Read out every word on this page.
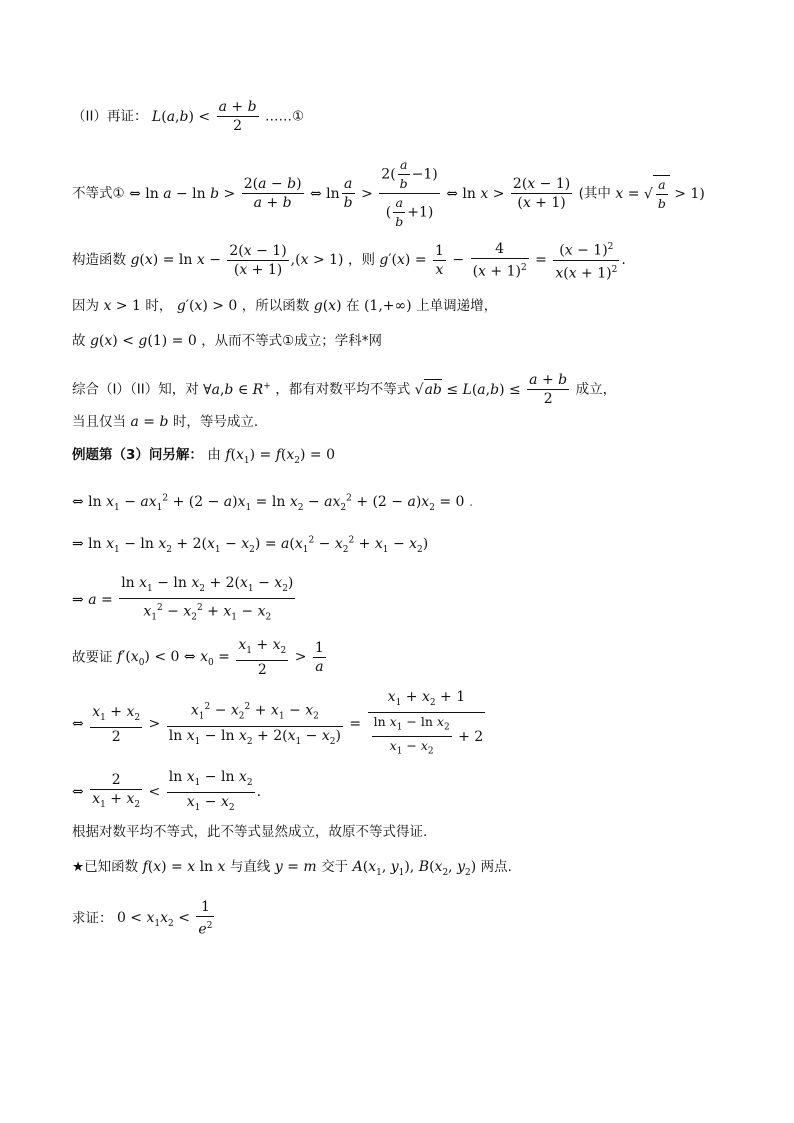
（II）再证： $L(a,b) < \frac{a + b}{2}$ ……①
不等式① ⇔ $\ln a - \ln b > \frac{2(a - b)}{a + b}$ ⇔ $\ln \frac{a}{b} > \frac{2( \frac{a}{b} -1)}{( \frac{a}{b} +1)}$ ⇔ $\ln x > \frac{2(x - 1)}{(x + 1)}$ (其中 x = √ $\frac{a}{b} > 1$)
构造函数 $g(x) = \ln x - \frac{2(x - 1)}{(x + 1)} ,(x > 1)$ ，则 $g'(x) = \frac{1}{x} - \frac{4}{(x + 1)^2} = \frac{(x - 1)^2}{x(x + 1)^2}$ .
因为 x > 1 时， g′(x) > 0 ，所以函数 g(x) 在 (1,+∞) 上单调递增，
故 g(x) < g(1) = 0 ，从而不等式①成立；学科*网
综合（I）（II）知，对 ∀a,b ∈ R+ ，都有对数平均不等式 $√ab \le L(a,b) \le \frac{a + b}{2}$ 成立，
当且仅当 a = b 时，等号成立.
例题第（3）问另解： 由 $f(x_1) = f(x_2) = 0$
⇔ $\ln x_1 - ax_1^2 + (2 - a)x_1 = \ln x_2 - ax_2^2 + (2 - a)x_2 = 0$ .
⇒ $\ln x_1 - \ln x_2 + 2(x_1 - x_2) = a(x_1^2 - x_2^2 + x_1 - x_2)$
⇒ $a = \frac{\ln x_1 - \ln x_2 + 2(x_1 - x_2)}{x_1^2 - x_2^2 + x_1 - x_2}$
故要证 $f'(x_0) < 0$ ⇔ $x_0 = \frac{x_1 + x_2}{2} > \frac{1}{a}$
⇔ $\frac{x_1 + x_2}{2} > \frac{x_1^2 - x_2^2 + x_1 - x_2}{\ln x_1 - \ln x_2 + 2(x_1 - x_2)} = \frac{x_1 + x_2 + 1}{\frac{\ln x_1 - \ln x_2}{x_1 - x_2} + 2}$
⇔ $\frac{2}{x_1 + x_2} < \frac{\ln x_1 - \ln x_2}{x_1 - x_2}$ .
根据对数平均不等式，此不等式显然成立，故原不等式得证.
★已知函数 f(x) = x ln x 与直线 y = m 交于 $A(x_1$, $y_1$), $B(x_2$, $y_2$) 两点.
求证： $0 < x_1x_2 < \frac{1}{e^2}$
